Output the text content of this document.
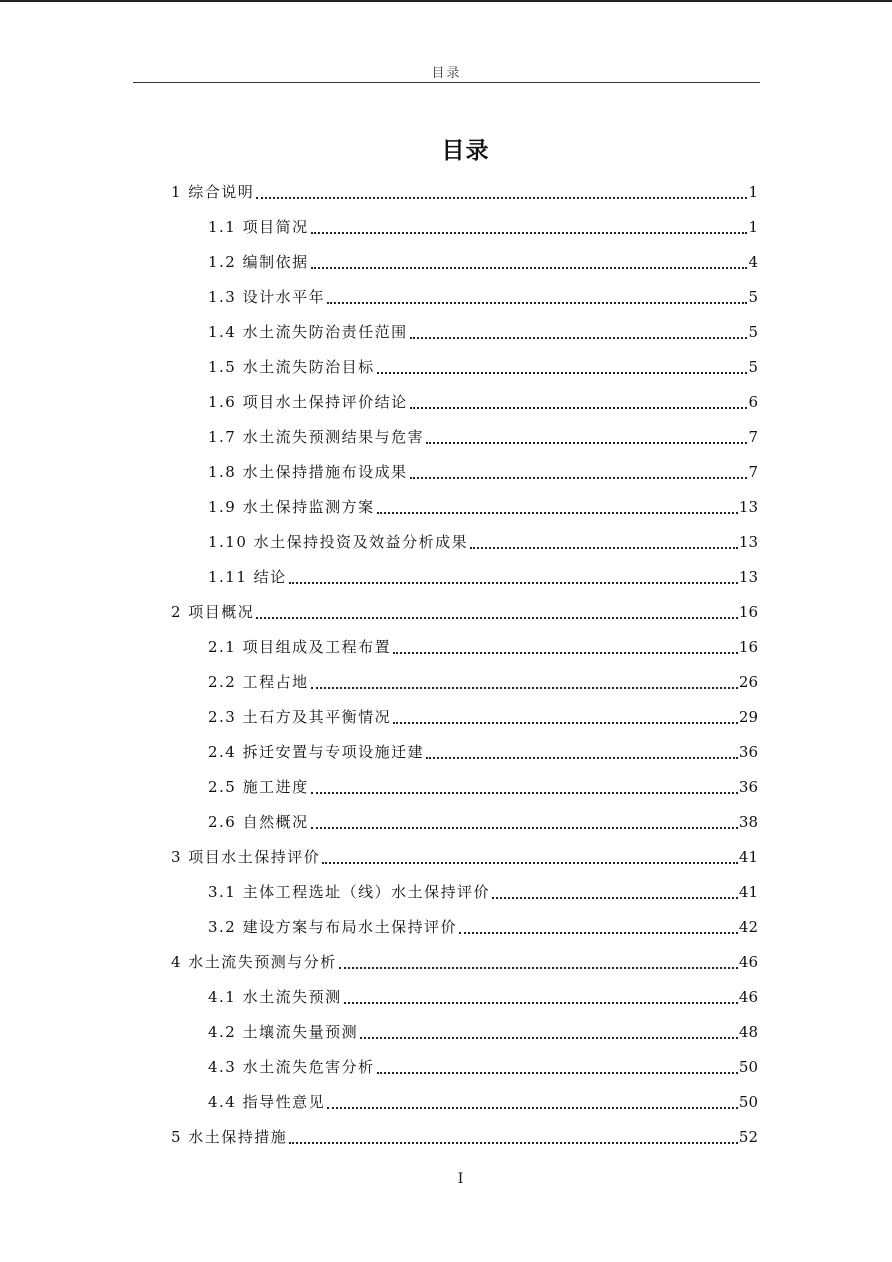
目录
目录
1 综合说明	1
1.1 项目简况	1
1.2 编制依据	4
1.3 设计水平年	5
1.4 水土流失防治责任范围	5
1.5 水土流失防治目标	5
1.6 项目水土保持评价结论	6
1.7 水土流失预测结果与危害	7
1.8 水土保持措施布设成果	7
1.9 水土保持监测方案	13
1.10 水土保持投资及效益分析成果	13
1.11 结论	13
2 项目概况	16
2.1 项目组成及工程布置	16
2.2 工程占地	26
2.3 土石方及其平衡情况	29
2.4 拆迁安置与专项设施迁建	36
2.5 施工进度	36
2.6 自然概况	38
3 项目水土保持评价	41
3.1 主体工程选址（线）水土保持评价	41
3.2 建设方案与布局水土保持评价	42
4 水土流失预测与分析	46
4.1 水土流失预测	46
4.2 土壤流失量预测	48
4.3 水土流失危害分析	50
4.4 指导性意见	50
5 水土保持措施	52
I
